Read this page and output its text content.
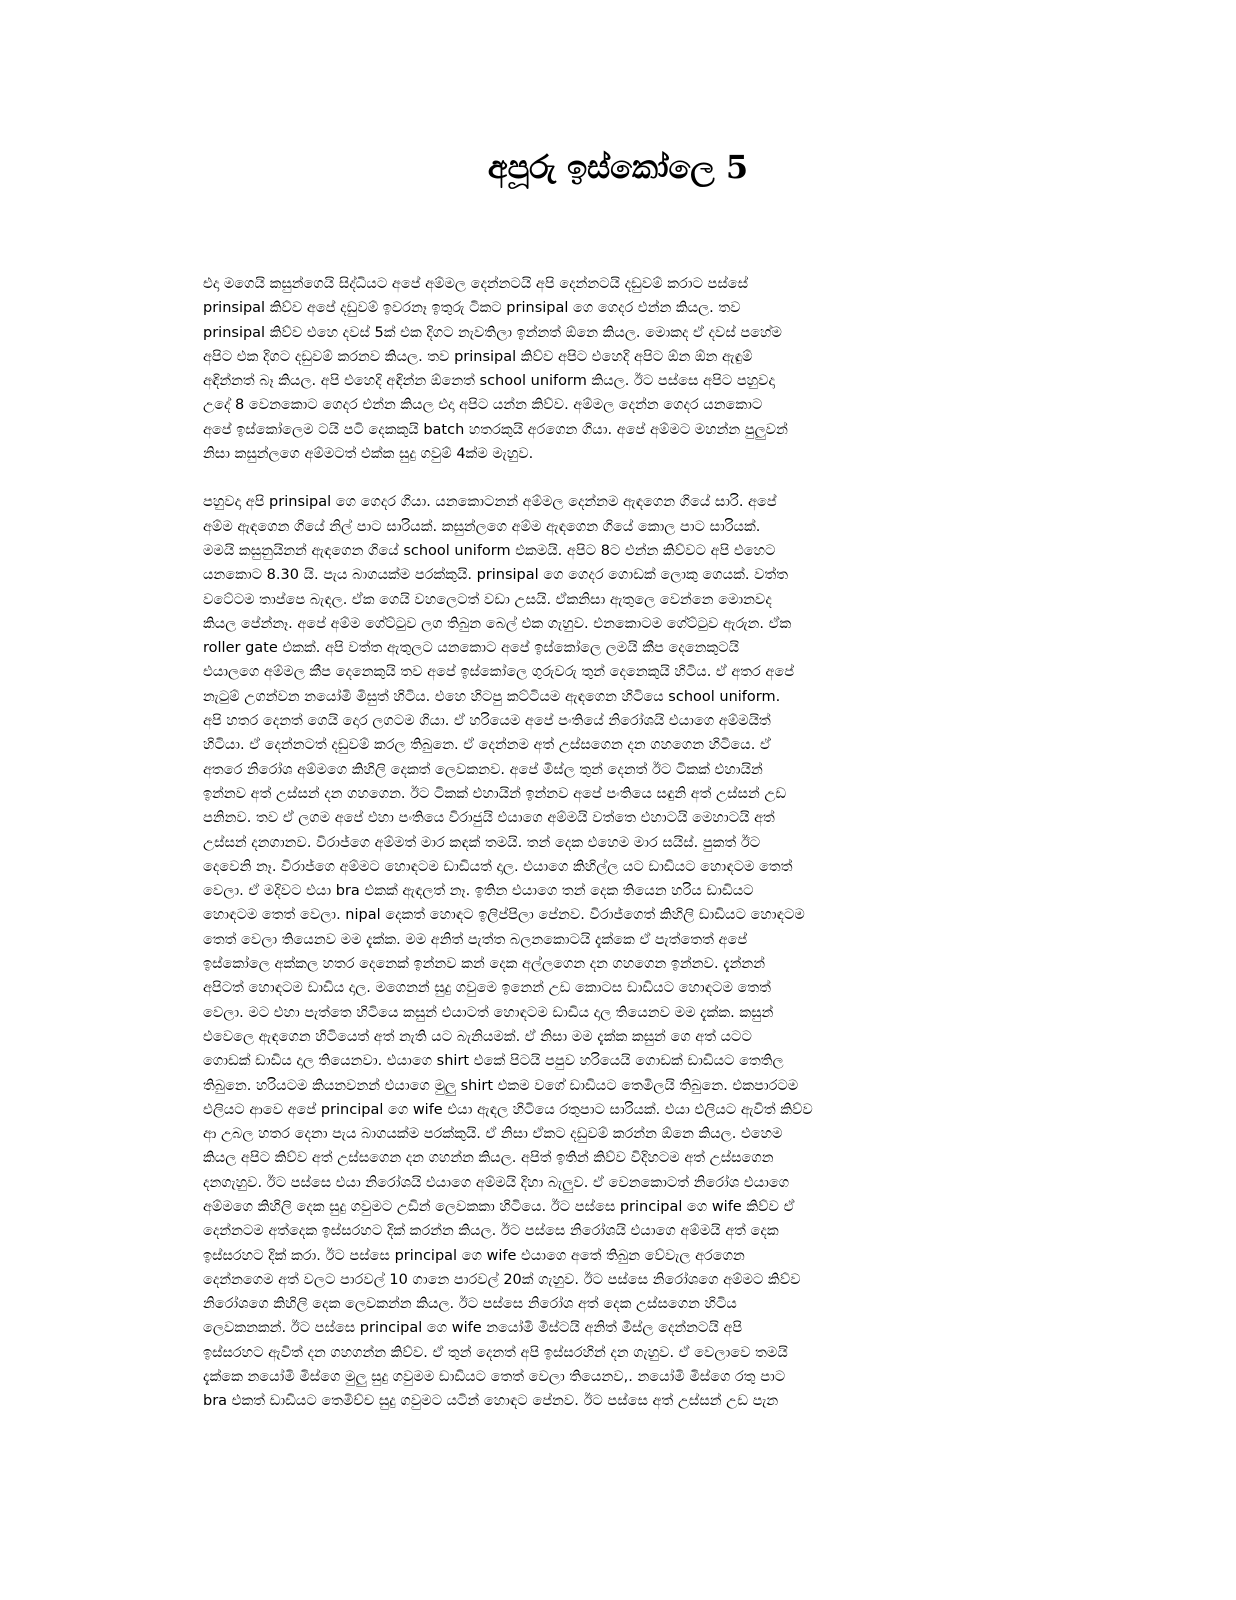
අපූරු ඉස්කෝලෙ 5

එදා මගෙයි කසුන්ගෙයි සිද්ධියට අපේ අම්මල දෙන්නටයි අපි දෙන්නටයි දඩුවම් කරාට පස්සේ
prinsipal කිව්ව අපේ දඩුවම් ඉවරනෑ ඉතුරු ටිකට prinsipal ගෙ ගෙදර එන්න කියල. තව
prinsipal කිව්ව එහෙ දවස් 5ක් එක දිගට නැවතිලා ඉන්නත් ඕනෙ කියල. මොකද ඒ දවස් පහේම
අපිට එක දිගට දඩුවම් කරනව කියල. තව prinsipal කිව්ව අපිට එහෙදි අපිට ඕන ඕන ඇඳුම්
අඳින්නත් බෑ කියල. අපි එහෙදි අඳින්න ඕනෙත් school uniform කියල. ඊට පස්සෙ අපිට පහුවදා
උදේ 8 වෙනකොට ගෙදර එන්න කියල එදා අපිට යන්න කිව්ව. අම්මල දෙන්න ගෙදර යනකොට
අපේ ඉස්කෝලෙම ටයි පටි දෙකකුයි batch හතරකුයි අරගෙන ගියා. අපේ අම්මට මහන්න පුලුවන්
නිසා කසුන්ලගෙ අම්මටත් එක්ක සුදු ගවුම් 4ක්ම මැහුව.

පහුවදා අපි prinsipal ගෙ ගෙදර ගියා. යනකොටනන් අම්මල දෙන්නම ඇඳගෙන ගියේ සාරි. අපේ
අම්ම ඇඳගෙන ගියේ නිල් පාට සාරියක්. කසුන්ලගෙ අම්ම ඇඳගෙන ගියේ කොල පාට සාරියක්.
මමයි කසුනුයිනන් ඇඳගෙන ගියේ school uniform එකමයි. අපිට 8ට එන්න කිව්වට අපි එහෙට
යනකොට 8.30 යි. පැය බාගයක්ම පරක්කුයි. prinsipal ගෙ ගෙදර ගොඩක් ලොකු ගෙයක්. වත්ත
වටේටම තාප්පෙ බැඳල. ඒක ගෙයි වහලෙටත් වඩා උසයි. ඒකනිසා ඇතුලෙ වෙන්නෙ මොනවද
කියල පේන්නෑ. අපේ අම්ම ගේට්ටුව ලග තිබුන බෙල් එක ගැහුව. එනකොටම ගේට්ටුව ඇරුන. ඒක
roller gate එකක්. අපි වත්ත ඇතුලට යනකොට අපේ ඉස්කෝලෙ ලමයි කීප දෙනෙකුටයි
එයාලගෙ අම්මල කීප දෙනෙකුයි තව අපේ ඉස්කෝලෙ ගුරුවරු තුන් දෙනෙකුයි හිටිය. ඒ අතර අපේ
නැටුම් උගන්වන නයෝමි මිසුත් හිටිය. එහෙ හිටපු කට්ටියම ඇඳගෙන හිටියෙ school uniform.
අපි හතර දෙනත් ගෙයි දොර ලගටම ගියා. ඒ හරියෙම අපේ පංතියේ නිරෝශයි එයාගෙ අම්මයිත්
හිටියා. ඒ දෙන්නටත් දඩුවම් කරල තිබුනෙ. ඒ දෙන්නම අත් උස්සගෙන දන ගහගෙන හිටියෙ. ඒ
අතරෙ නිරෝශ අම්මගෙ කිහිලි දෙකත් ලෙවකනව. අපේ මිස්ල තුන් දෙනත් ඊට ටිකක් එහායින්
ඉන්නව අත් උස්සන් දන ගහගෙන. ඊට ටිකක් එහායින් ඉන්නව අපේ පංතියෙ සඳුනි අත් උස්සන් උඩ
පනිනව. තව ඒ ලගම අපේ එහා පංතියෙ විරාජුයි එයාගෙ අම්මයි වත්තෙ එහාටයි මෙහාටයි අත්
උස්සන් දනගානව. විරාජ්ගෙ අම්මත් මාර කඳක් තමයි. තන් දෙක එහෙම මාර සයිස්. පුකත් ඊට
දෙවෙනි නෑ. විරාජ්ගෙ අම්මට හොඳටම ඩාඩියත් දාල. එයාගෙ කිහිල්ල යට ඩාඩියට හොඳටම තෙත්
වෙලා. ඒ මදිවට එයා bra එකක් ඇඳලත් නෑ. ඉතින එයාගෙ තන් දෙක තියෙන හරිය ඩාඩියට
හොඳටම තෙත් වෙලා. nipal දෙකත් හොඳට ඉලිප්පිලා පේනව. විරාජ්ගෙත් කිහිලි ඩාඩියට හොඳටම
තෙත් වෙලා තියෙනව මම දැක්ක. මම අනිත් පැත්ත බලනකොටයි දැක්කෙ ඒ පැත්තෙත් අපේ
ඉස්කෝලෙ අක්කල හතර දෙනෙක් ඉන්නව කන් දෙක අල්ලගෙන දන ගහගෙන ඉන්නව. දැන්නන්
අපිටත් හොඳටම ඩාඩිය දාල. මගෙනන් සුදු ගවුමෙ ඉනෙන් උඩ කොටස ඩාඩියට හොඳටම තෙත්
වෙලා. මට එහා පැත්තෙ හිටියෙ කසුන් එයාටත් හොඳටම ඩාඩිය දාල තියෙනව මම දැක්ක. කසුන්
එවෙලෙ ඇඳගෙන හිටියෙත් අත් නැති යට බැනියමක්. ඒ නිසා මම දැක්ක කසුන් ගෙ අත් යටට
ගොඩක් ඩාඩිය දාල තියෙනවා. එයාගෙ shirt එකේ පිටයි පපුව හරියෙයි ගොඩක් ඩාඩියට තෙතිල
තිබුනෙ. හරියටම කියනවනන් එයාගෙ මුලු shirt එකම වගේ ඩාඩියට තෙමිලයි තිබුනෙ. එකපාරටම
එලියට ආවෙ අපේ principal ගෙ wife එයා ඇඳල හිටියෙ රතුපාට සාරියක්. එයා එලියට ඇවිත් කිව්ව
ආ උබල හතර දෙනා පැය බාගයක්ම පරක්කුයි. ඒ නිසා ඒකට දඩුවම් කරන්න ඕනෙ කියල. එහෙම
කියල අපිට කිව්ව අත් උස්සගෙන දන ගහන්න කියල. අපිත් ඉතින් කිව්ව විදිහටම අත් උස්සගෙන
දනගැහුව. ඊට පස්සෙ එයා නිරෝශයි එයාගෙ අම්මයි දිහා බැලුව. ඒ වෙනකොටත් නිරෝශ එයාගෙ
අම්මගෙ කිහිලි දෙක සුදු ගවුමට උඩින් ලෙවකකා හිටියෙ. ඊට පස්සෙ principal ගෙ wife කිව්ව ඒ
දෙන්නටම අත්දෙක ඉස්සරහට දික් කරන්න කියල. ඊට පස්සෙ නිරෝශයි එයාගෙ අම්මයි අත් දෙක
ඉස්සරහට දික් කරා. ඊට පස්සෙ principal ගෙ wife එයාගෙ අතේ තිබුන වේවැල අරගෙන
දෙන්නගෙම අත් වලට පාරවල් 10 ගානෙ පාරවල් 20ක් ගැහුව. ඊට පස්සෙ නිරෝශගෙ අම්මට කිව්ව
නිරෝශගෙ කිහිලි දෙක ලෙවකන්න කියල. ඊට පස්සෙ නිරෝශ අත් දෙක උස්සගෙන හිටිය
ලෙවකනකන්. ඊට පස්සෙ principal ගෙ wife නයෝමි මිස්ටයි අනිත් මිස්ල දෙන්නටයි අපි
ඉස්සරහට ඇවිත් දන ගහගන්න කිව්ව. ඒ තුන් දෙනත් අපි ඉස්සරහින් දන ගැහුව. ඒ වෙලාවෙ තමයි
දැක්කෙ නයෝමි මිස්ගෙ මුලු සුදු ගවුමම ඩාඩියට තෙත් වෙලා තියෙනව,. නයෝමි මිස්ගෙ රතු පාට
bra එකත් ඩාඩියට තෙමිච්ච සුදු ගවුමට යටින් හොඳට පේනව. ඊට පස්සෙ අත් උස්සන් උඩ පැන
